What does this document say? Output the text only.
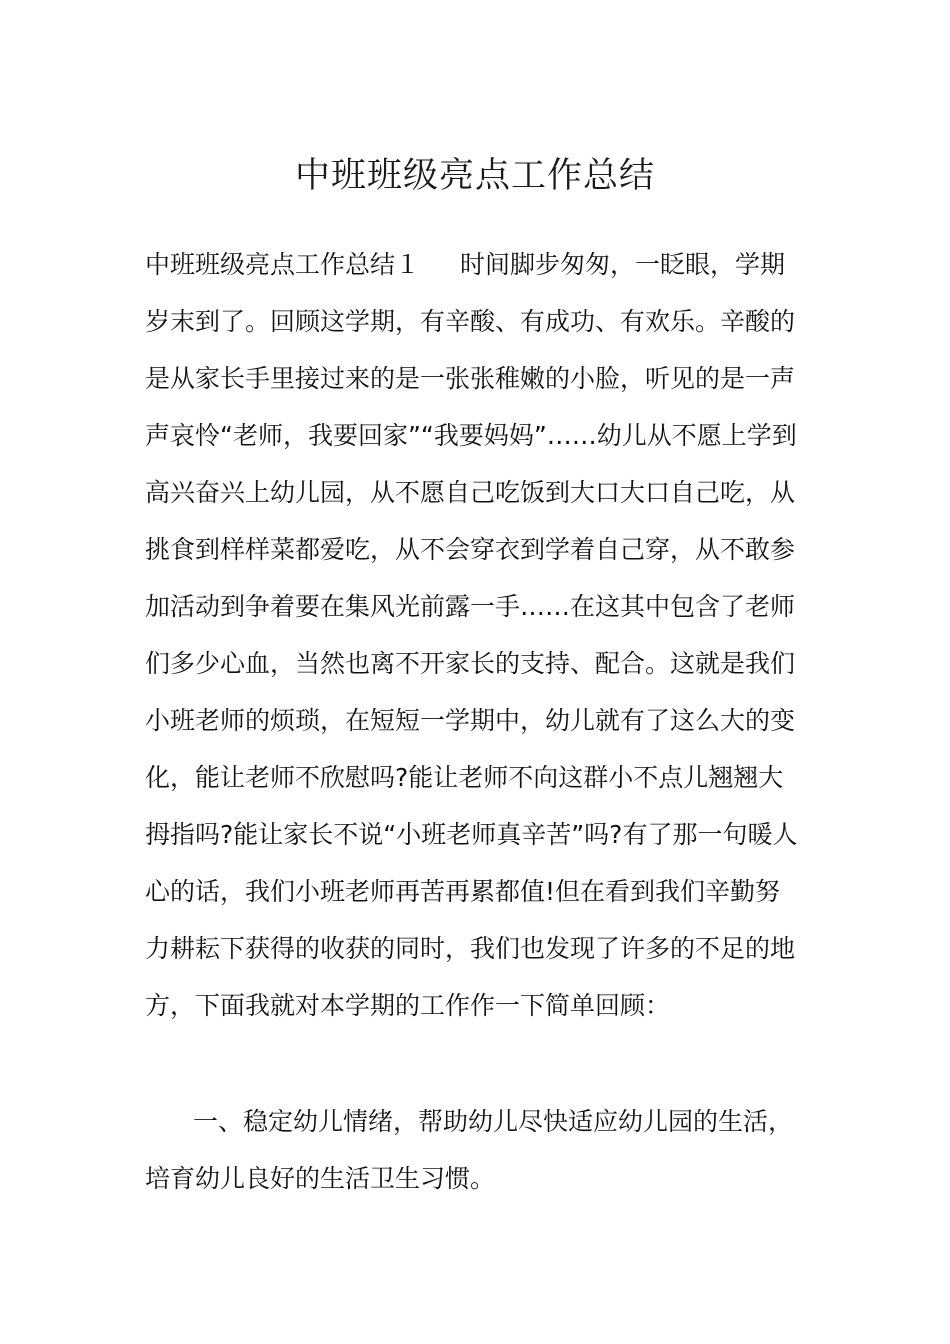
中班班级亮点工作总结
中班班级亮点工作总结１ 时间脚步匆匆，一眨眼，学期岁末到了。回顾这学期，有辛酸、有成功、有欢乐。辛酸的是从家长手里接过来的是一张张稚嫩的小脸，听见的是一声声哀怜“老师，我要回家”“我要妈妈”……幼儿从不愿上学到高兴奋兴上幼儿园，从不愿自己吃饭到大口大口自己吃，从挑食到样样菜都爱吃，从不会穿衣到学着自己穿，从不敢参加活动到争着要在集风光前露一手……在这其中包含了老师们多少心血，当然也离不开家长的支持、配合。这就是我们小班老师的烦琐，在短短一学期中，幼儿就有了这么大的变化，能让老师不欣慰吗?能让老师不向这群小不点儿翘翘大拇指吗?能让家长不说“小班老师真辛苦”吗?有了那一句暖人心的话，我们小班老师再苦再累都值!但在看到我们辛勤努力耕耘下获得的收获的同时，我们也发现了许多的不足的地方，下面我就对本学期的工作作一下简单回顾：
一、稳定幼儿情绪，帮助幼儿尽快适应幼儿园的生活，培育幼儿良好的生活卫生习惯。
